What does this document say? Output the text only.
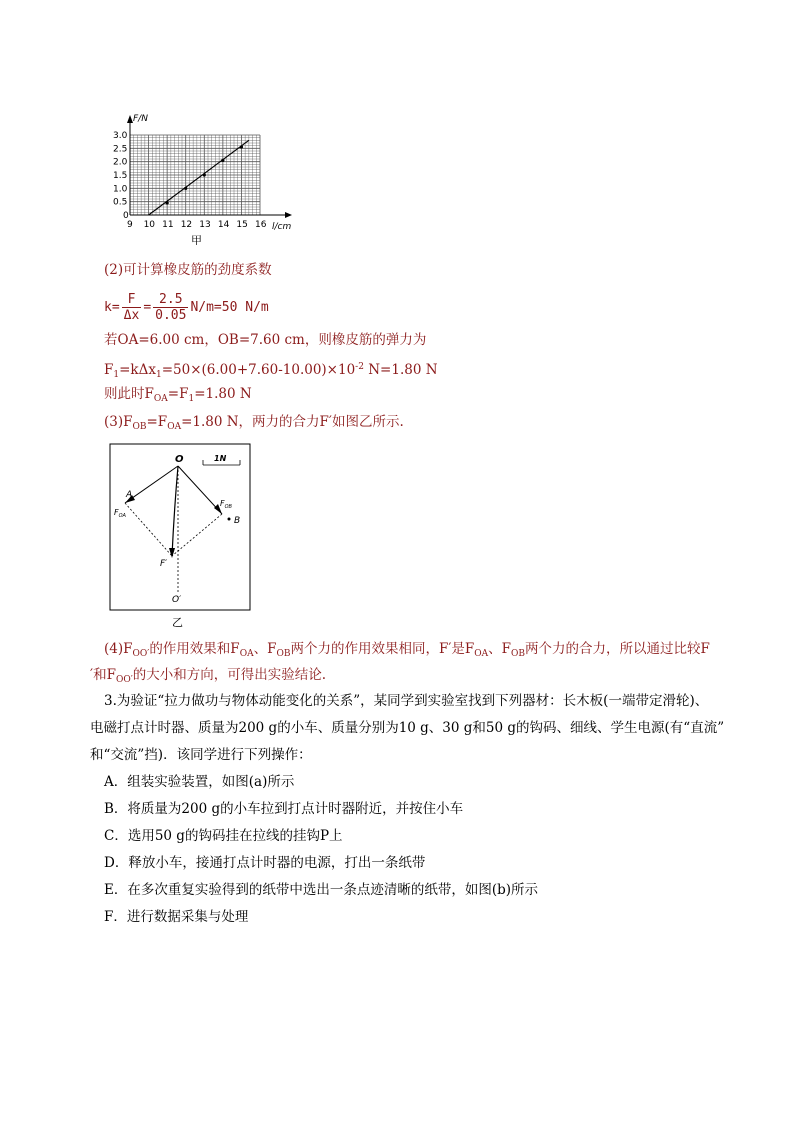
F/N
l/cm
9 10 11 12 13 14 15 16
0
0.5
1.0
1.5
2.0
2.5
3.0
甲
(2)可计算橡皮筋的劲度系数
$k= \frac{F}{\Delta x} = \frac{2.5}{0.05} N/m=50$ N/m
若OA=6.00 cm，OB=7.60 cm，则橡皮筋的弹力为
$F_1=k\Delta x_1=50\times(6.00+7.60-10.00)\times 10^{-2}$ N=1.80 N
则此时$F_{OA}=F_1=1.80$ N
$(3)F_{OB}=F_{OA}=1.80$ N，两力的合力F′如图乙所示.
1N
O
A
$F_{OA}$
$F_{OB}$
B
F′
O′
乙
$(4)F_{OO'}$的作用效果和$F_{OA}$、$F_{OB}$两个力的作用效果相同，F′是$F_{OA}$、$F_{OB}$两个力的合力，所以通过比较F
′和$F_{OO'}$的大小和方向，可得出实验结论.
3.为验证“拉力做功与物体动能变化的关系”，某同学到实验室找到下列器材：长木板(一端带定滑轮)、
电磁打点计时器、质量为200 g的小车、质量分别为10 g、30 g和50 g的钩码、细线、学生电源(有“直流”
和“交流”挡)．该同学进行下列操作：
A．组装实验装置，如图(a)所示
B．将质量为200 g的小车拉到打点计时器附近，并按住小车
C．选用50 g的钩码挂在拉线的挂钩P上
D．释放小车，接通打点计时器的电源，打出一条纸带
E．在多次重复实验得到的纸带中选出一条点迹清晰的纸带，如图(b)所示
F．进行数据采集与处理
